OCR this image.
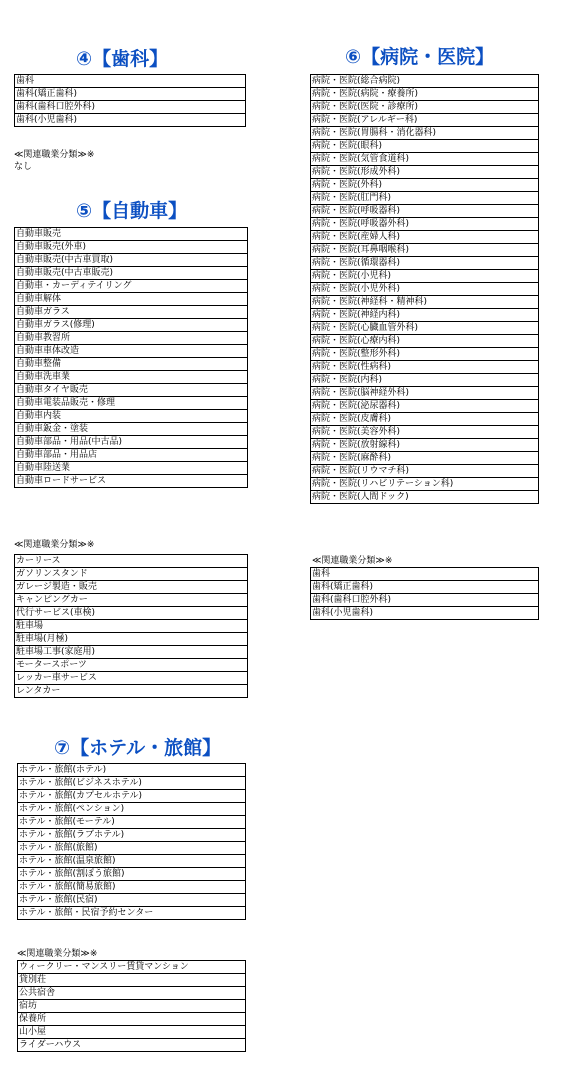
④【歯科】
歯科
歯科(矯正歯科)
歯科(歯科口腔外科)
歯科(小児歯科)
≪関連職業分類≫※
なし
⑤【自動車】
自動車販売
自動車販売(外車)
自動車販売(中古車買取)
自動車販売(中古車販売)
自動車・カーディテイリング
自動車解体
自動車ガラス
自動車ガラス(修理)
自動車教習所
自動車車体改造
自動車整備
自動車洗車業
自動車タイヤ販売
自動車電装品販売・修理
自動車内装
自動車鈑金・塗装
自動車部品・用品(中古品)
自動車部品・用品店
自動車陸送業
自動車ロードサービス
≪関連職業分類≫※
カーリース
ガソリンスタンド
ガレージ製造・販売
キャンピングカー
代行サービス(車検)
駐車場
駐車場(月極)
駐車場工事(家庭用)
モータースポーツ
レッカー車サービス
レンタカー
⑦【ホテル・旅館】
ホテル・旅館(ホテル)
ホテル・旅館(ビジネスホテル)
ホテル・旅館(カプセルホテル)
ホテル・旅館(ペンション)
ホテル・旅館(モーテル)
ホテル・旅館(ラブホテル)
ホテル・旅館(旅館)
ホテル・旅館(温泉旅館)
ホテル・旅館(割ぽう旅館)
ホテル・旅館(簡易旅館)
ホテル・旅館(民宿)
ホテル・旅館・民宿予約センター
≪関連職業分類≫※
ウィークリー・マンスリー賃貸マンション
貸別荘
公共宿舎
宿坊
保養所
山小屋
ライダーハウス
⑥【病院・医院】
病院・医院(総合病院)
病院・医院(病院・療養所)
病院・医院(医院・診療所)
病院・医院(アレルギー科)
病院・医院(胃腸科・消化器科)
病院・医院(眼科)
病院・医院(気管食道科)
病院・医院(形成外科)
病院・医院(外科)
病院・医院(肛門科)
病院・医院(呼吸器科)
病院・医院(呼吸器外科)
病院・医院(産婦人科)
病院・医院(耳鼻咽喉科)
病院・医院(循環器科)
病院・医院(小児科)
病院・医院(小児外科)
病院・医院(神経科・精神科)
病院・医院(神経内科)
病院・医院(心臓血管外科)
病院・医院(心療内科)
病院・医院(整形外科)
病院・医院(性病科)
病院・医院(内科)
病院・医院(脳神経外科)
病院・医院(泌尿器科)
病院・医院(皮膚科)
病院・医院(美容外科)
病院・医院(放射線科)
病院・医院(麻酔科)
病院・医院(リウマチ科)
病院・医院(リハビリテーション科)
病院・医院(人間ドック)
≪関連職業分類≫※
歯科
歯科(矯正歯科)
歯科(歯科口腔外科)
歯科(小児歯科)
